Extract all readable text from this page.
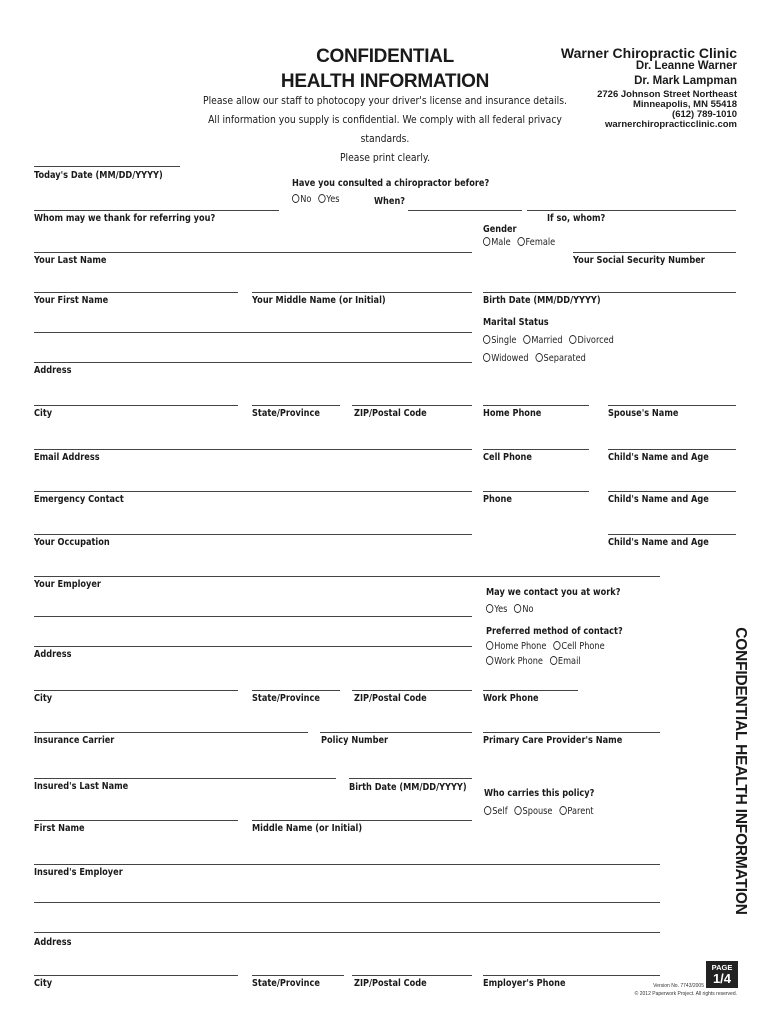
CONFIDENTIAL
HEALTH INFORMATION
Please allow our staff to photocopy your driver's license and insurance details.
All information you supply is confidential. We comply with all federal privacy standards.
Please print clearly.
Warner Chiropractic Clinic
Dr. Leanne Warner
Dr. Mark Lampman
2726 Johnson Street Northeast
Minneapolis, MN 55418
(612) 789-1010
warnerchiropracticclinic.com
Today's Date (MM/DD/YYYY)
Have you consulted a chiropractor before?
No Yes	When?
Whom may we thank for referring you?	If so, whom?
Gender
Male Female
Your Last Name	Your Social Security Number
Your First Name	Your Middle Name (or Initial)	Birth Date (MM/DD/YYYY)
Marital Status
Single Married Divorced
Widowed Separated
Address
City	State/Province	ZIP/Postal Code	Home Phone	Spouse's Name
Email Address	Cell Phone	Child's Name and Age
Emergency Contact	Phone	Child's Name and Age
Your Occupation	Child's Name and Age
Your Employer
May we contact you at work?
Yes No
Preferred method of contact?
Home Phone Cell Phone
Work Phone Email
Address
City	State/Province	ZIP/Postal Code	Work Phone
Insurance Carrier	Policy Number	Primary Care Provider's Name
Insured's Last Name	Birth Date (MM/DD/YYYY)
Who carries this policy?
Self Spouse Parent
First Name	Middle Name (or Initial)
Insured's Employer
Address
City	State/Province	ZIP/Postal Code	Employer's Phone
CONFIDENTIAL HEALTH INFORMATION
PAGE
1/4
Version No. 7743/2005
© 2012 Paperwork Project. All rights reserved.
